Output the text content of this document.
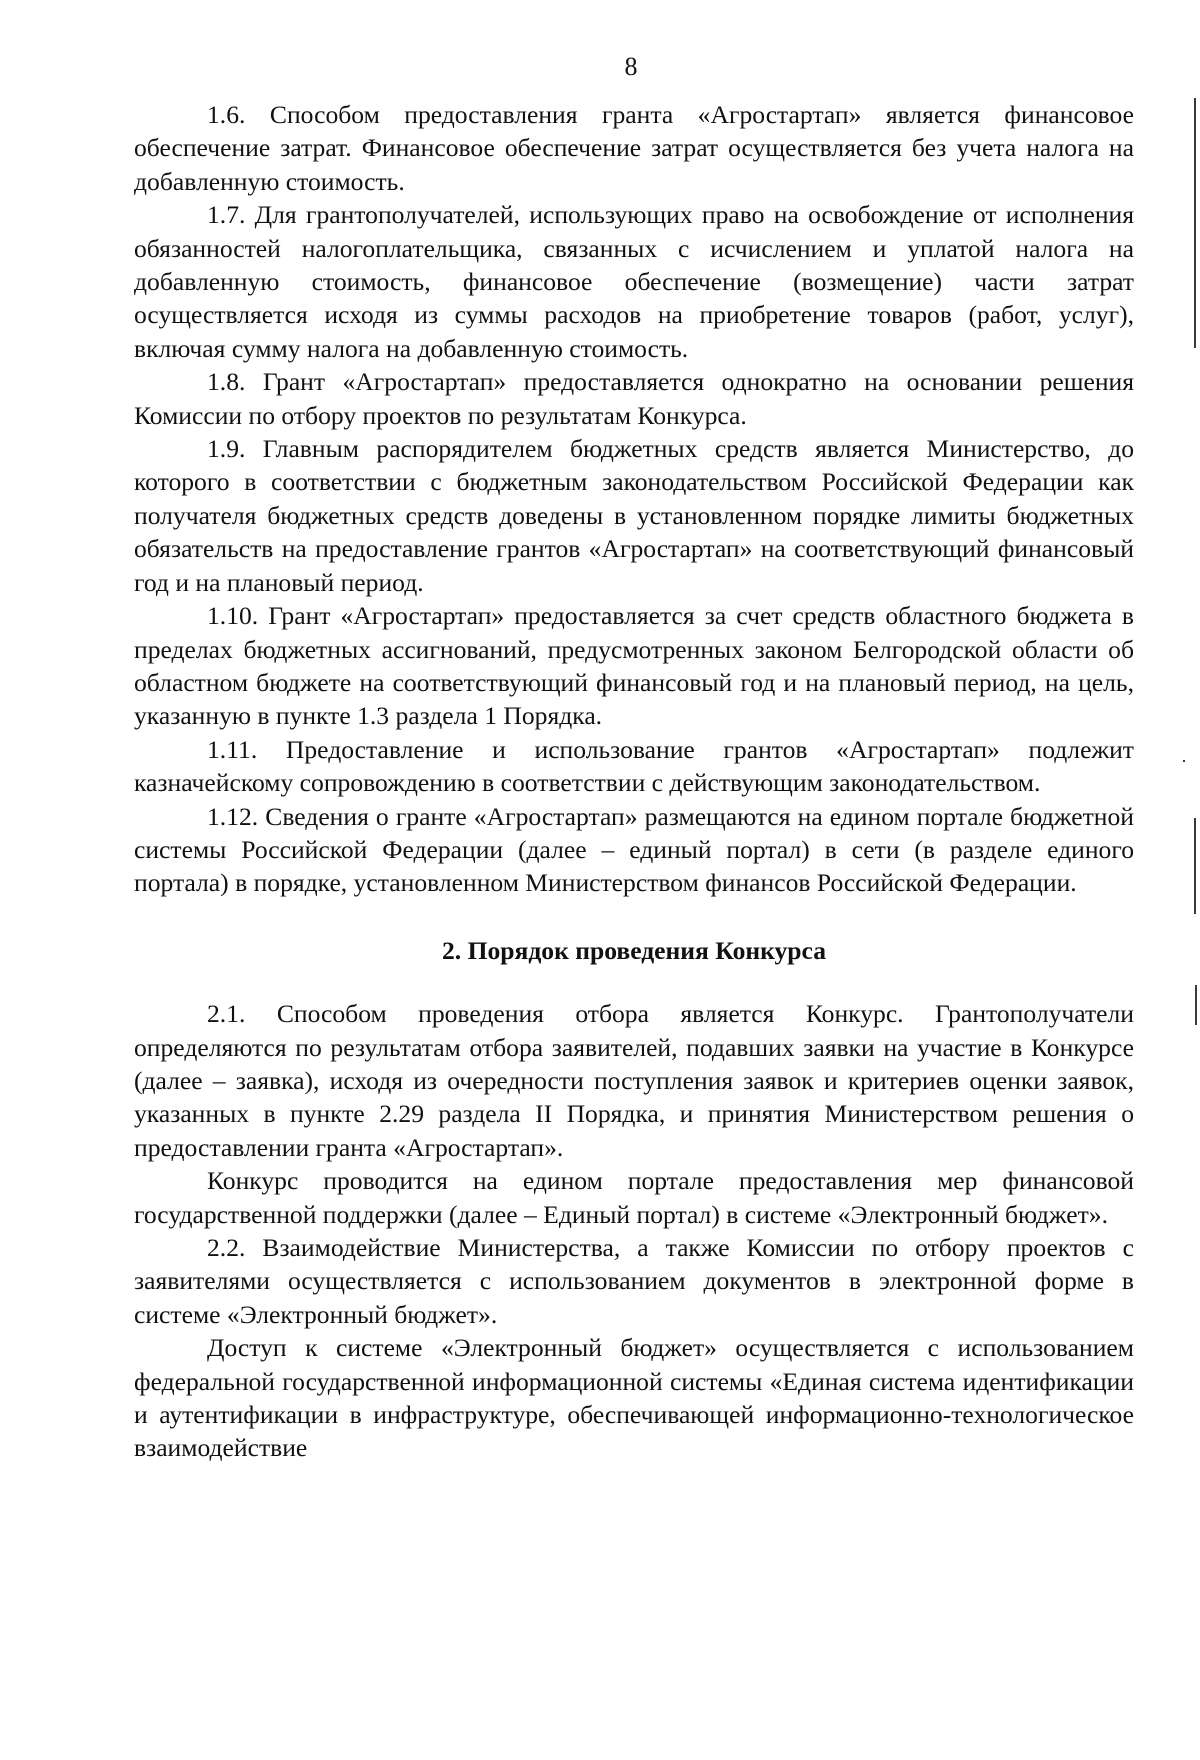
8

1.6. Способом предоставления гранта «Агростартап» является финансовое обеспечение затрат. Финансовое обеспечение затрат осуществляется без учета налога на добавленную стоимость.

1.7. Для грантополучателей, использующих право на освобождение от исполнения обязанностей налогоплательщика, связанных с исчислением и уплатой налога на добавленную стоимость, финансовое обеспечение (возмещение) части затрат осуществляется исходя из суммы расходов на приобретение товаров (работ, услуг), включая сумму налога на добавленную стоимость.

1.8. Грант «Агростартап» предоставляется однократно на основании решения Комиссии по отбору проектов по результатам Конкурса.

1.9. Главным распорядителем бюджетных средств является Министерство, до которого в соответствии с бюджетным законодательством Российской Федерации как получателя бюджетных средств доведены в установленном порядке лимиты бюджетных обязательств на предоставление грантов «Агростартап» на соответствующий финансовый год и на плановый период.

1.10. Грант «Агростартап» предоставляется за счет средств областного бюджета в пределах бюджетных ассигнований, предусмотренных законом Белгородской области об областном бюджете на соответствующий финансовый год и на плановый период, на цель, указанную в пункте 1.3 раздела 1 Порядка.

1.11. Предоставление и использование грантов «Агростартап» подлежит казначейскому сопровождению в соответствии с действующим законодательством.

1.12. Сведения о гранте «Агростартап» размещаются на едином портале бюджетной системы Российской Федерации (далее – единый портал) в сети (в разделе единого портала) в порядке, установленном Министерством финансов Российской Федерации.

2. Порядок проведения Конкурса

2.1. Способом проведения отбора является Конкурс. Грантополучатели определяются по результатам отбора заявителей, подавших заявки на участие в Конкурсе (далее – заявка), исходя из очередности поступления заявок и критериев оценки заявок, указанных в пункте 2.29 раздела II Порядка, и принятия Министерством решения о предоставлении гранта «Агростартап».

Конкурс проводится на едином портале предоставления мер финансовой государственной поддержки (далее – Единый портал) в системе «Электронный бюджет».

2.2. Взаимодействие Министерства, а также Комиссии по отбору проектов с заявителями осуществляется с использованием документов в электронной форме в системе «Электронный бюджет».

Доступ к системе «Электронный бюджет» осуществляется с использованием федеральной государственной информационной системы «Единая система идентификации и аутентификации в инфраструктуре, обеспечивающей информационно-технологическое взаимодействие
